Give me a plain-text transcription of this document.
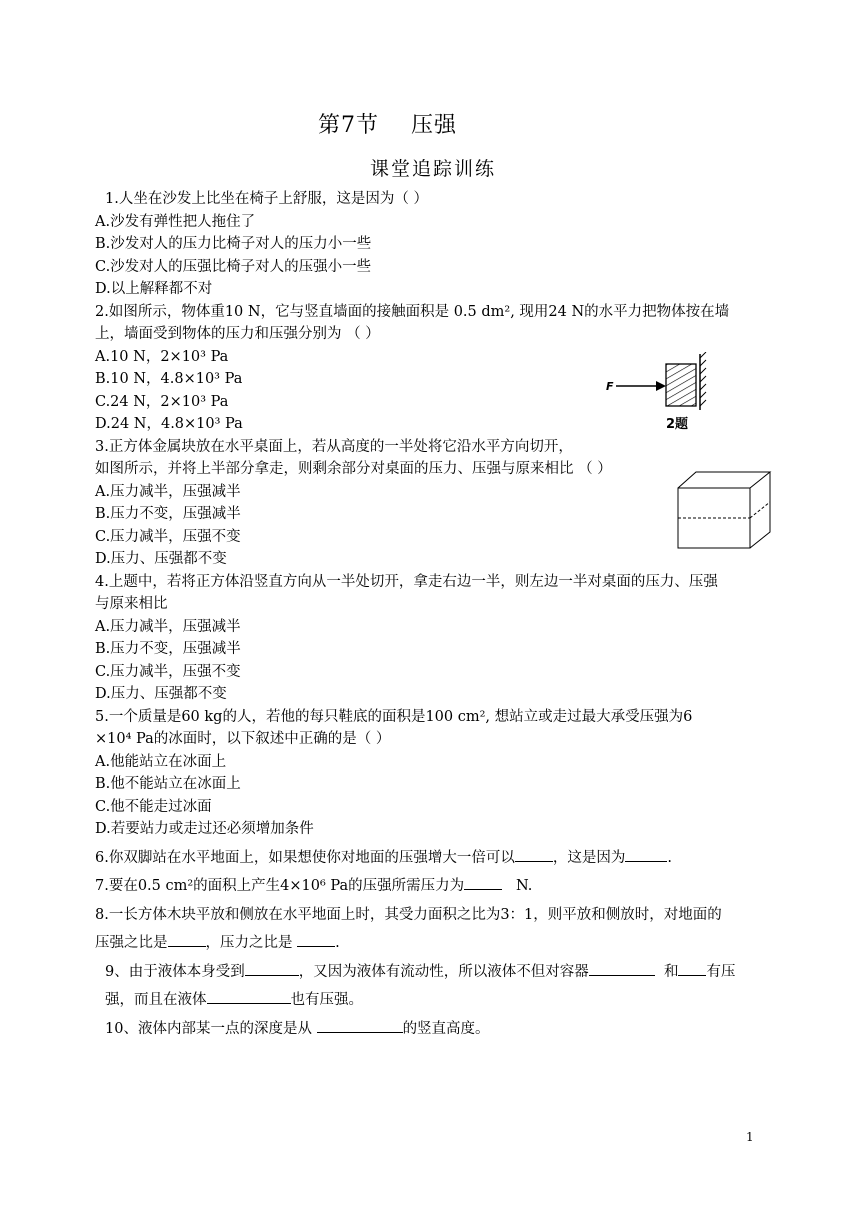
第7节    压强
课堂追踪训练
1.人坐在沙发上比坐在椅子上舒服，这是因为（ ）
A.沙发有弹性把人拖住了
B.沙发对人的压力比椅子对人的压力小一些
C.沙发对人的压强比椅子对人的压强小一些
D.以上解释都不对
2.如图所示，物体重10 N，它与竖直墙面的接触面积是 0.5 dm², 现用24 N的水平力把物体按在墙
上，墙面受到物体的压力和压强分别为 （ ）
A.10 N，2×10³ Pa
B.10 N，4.8×10³ Pa
C.24 N，2×10³ Pa
D.24 N，4.8×10³ Pa
3.正方体金属块放在水平桌面上，若从高度的一半处将它沿水平方向切开，
如图所示，并将上半部分拿走，则剩余部分对桌面的压力、压强与原来相比 （ ）
A.压力减半，压强减半
B.压力不变，压强减半
C.压力减半，压强不变
D.压力、压强都不变
4.上题中，若将正方体沿竖直方向从一半处切开，拿走右边一半，则左边一半对桌面的压力、压强
与原来相比
A.压力减半，压强减半
B.压力不变，压强减半
C.压力减半，压强不变
D.压力、压强都不变
5.一个质量是60 kg的人，若他的每只鞋底的面积是100 cm², 想站立或走过最大承受压强为6
×10⁴ Pa的冰面时，以下叙述中正确的是（ ）
A.他能站立在冰面上
B.他不能站立在冰面上
C.他不能走过冰面
D.若要站力或走过还必须增加条件
6.你双脚站在水平地面上，如果想使你对地面的压强增大一倍可以	，这是因为	.
7.要在0.5 cm²的面积上产生4×10⁶ Pa的压强所需压力为	N.
8.一长方体木块平放和侧放在水平地面上时，其受力面积之比为3：1，则平放和侧放时，对地面的
压强之比是	，压力之比是	.
9、由于液体本身受到	，又因为液体有流动性，所以液体不但对容器	和 有压
强，而且在液体	也有压强。
10、液体内部某一点的深度是从	的竖直高度。
F
2题
1
